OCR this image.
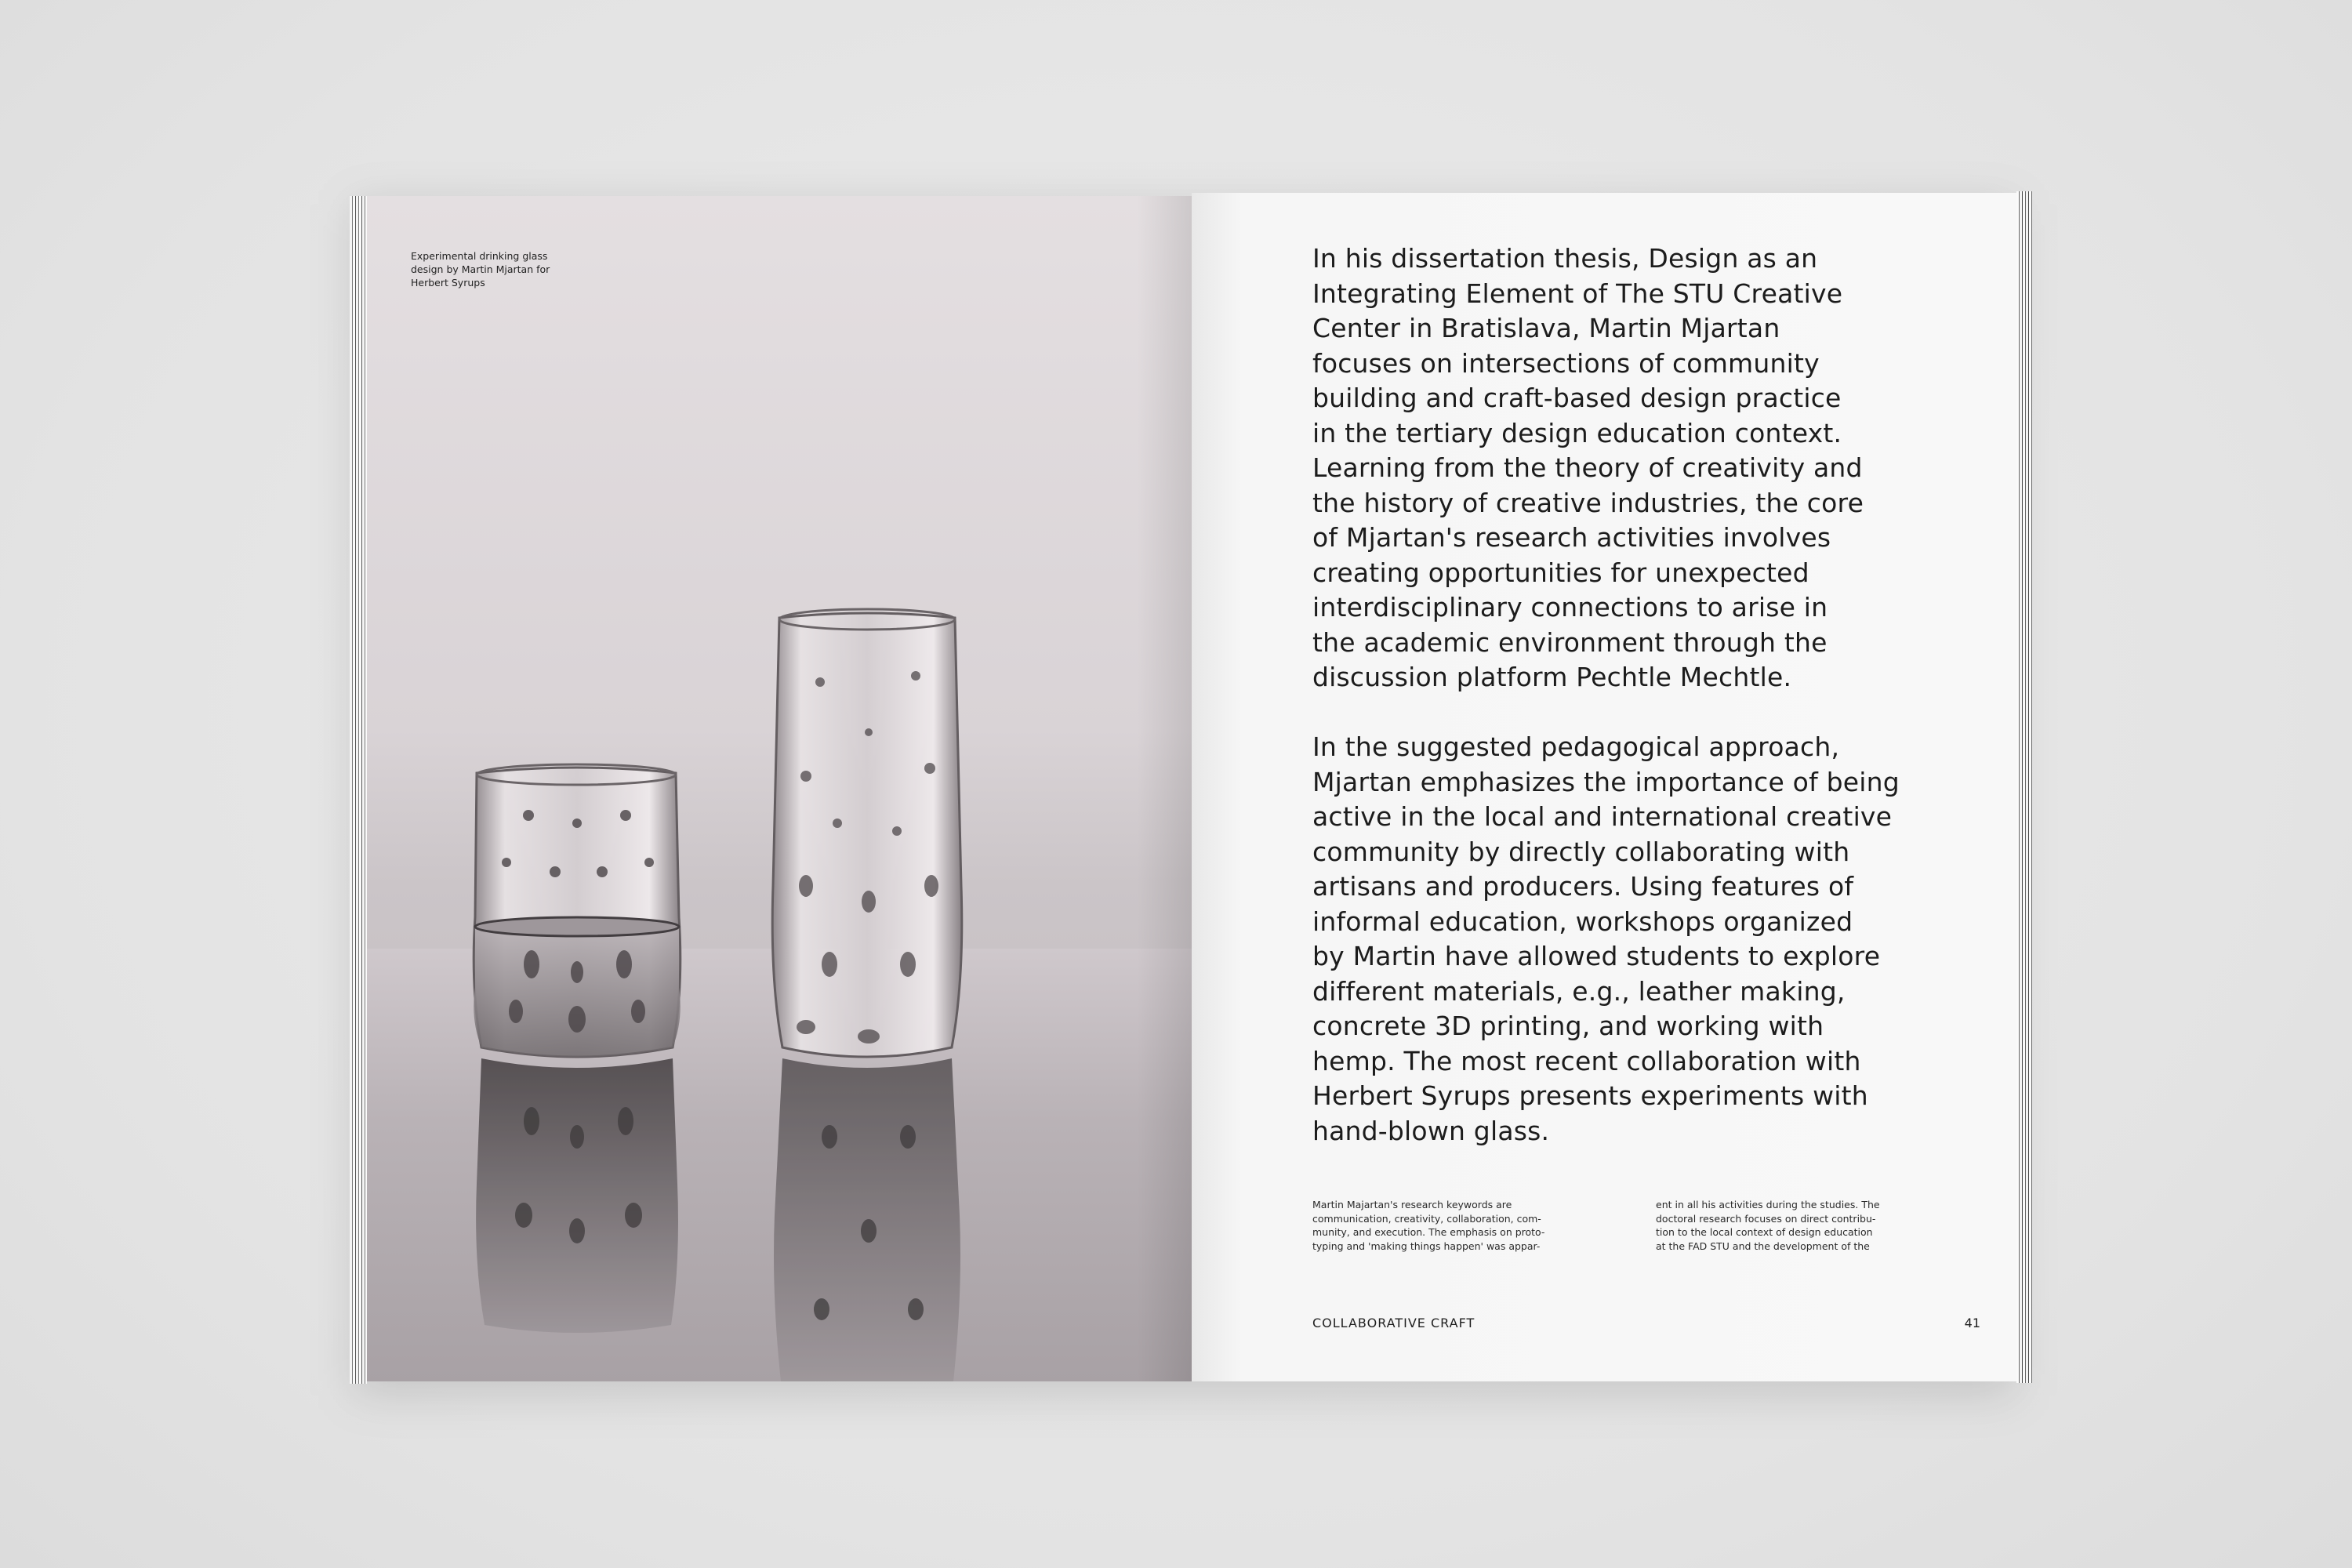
Experimental drinking glass
design by Martin Mjartan for
Herbert Syrups
In his dissertation thesis, Design as an
Integrating Element of The STU Creative
Center in Bratislava, Martin Mjartan
focuses on intersections of community
building and craft-based design practice
in the tertiary design education context.
Learning from the theory of creativity and
the history of creative industries, the core
of Mjartan's research activities involves
creating opportunities for unexpected
interdisciplinary connections to arise in
the academic environment through the
discussion platform Pechtle Mechtle.
In the suggested pedagogical approach,
Mjartan emphasizes the importance of being
active in the local and international creative
community by directly collaborating with
artisans and producers. Using features of
informal education, workshops organized
by Martin have allowed students to explore
different materials, e.g., leather making,
concrete 3D printing, and working with
hemp. The most recent collaboration with
Herbert Syrups presents experiments with
hand-blown glass.
Martin Majartan's research keywords are
communication, creativity, collaboration, com-
munity, and execution. The emphasis on proto-
typing and 'making things happen' was appar-
ent in all his activities during the studies. The
doctoral research focuses on direct contribu-
tion to the local context of design education
at the FAD STU and the development of the
COLLABORATIVE CRAFT	41
